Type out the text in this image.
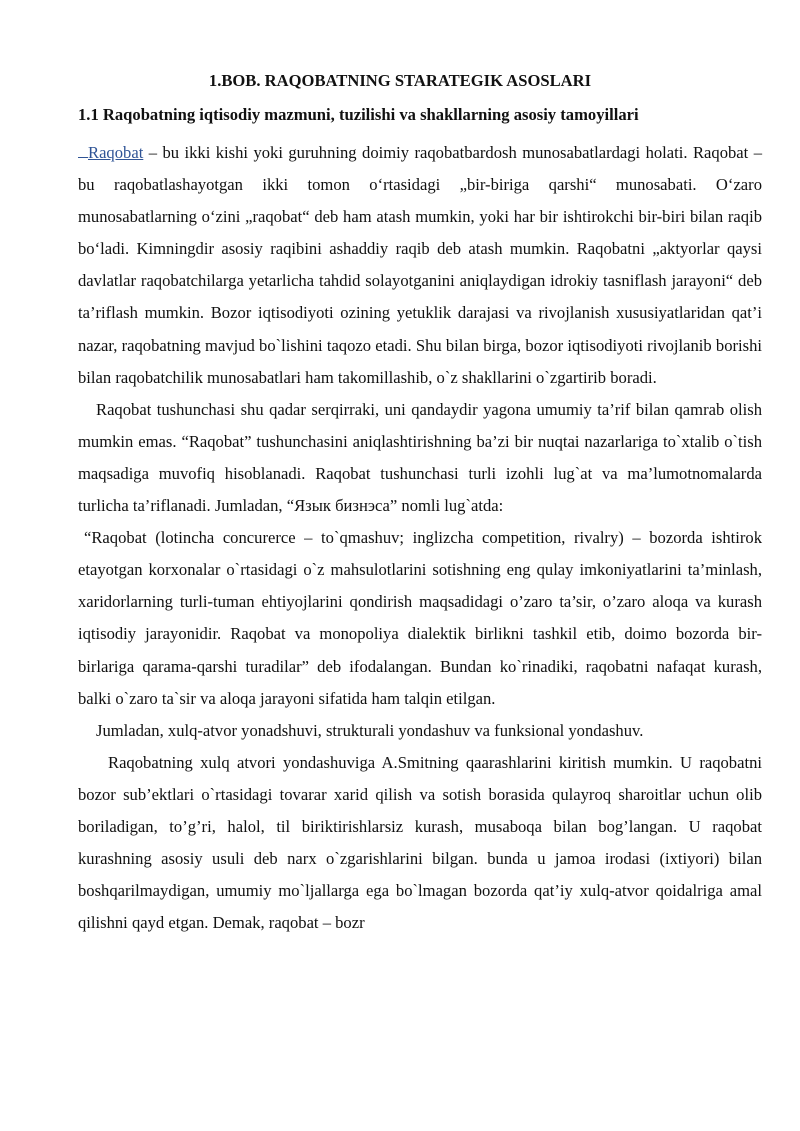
1.BOB. RAQOBATNING STARATEGIK ASOSLARI
1.1 Raqobatning iqtisodiy mazmuni, tuzilishi va shakllarning asosiy tamoyillari

Raqobat – bu ikki kishi yoki guruhning doimiy raqobatbardosh munosabatlardagi holati. Raqobat – bu raqobatlashayotgan ikki tomon o‘rtasidagi „bir-biriga qarshi“ munosabati. O‘zaro munosabatlarning o‘zini „raqobat“ deb ham atash mumkin, yoki har bir ishtirokchi bir-biri bilan raqib bo‘ladi. Kimningdir asosiy raqibini ashaddiy raqib deb atash mumkin. Raqobatni „aktyorlar qaysi davlatlar raqobatchilarga yetarlicha tahdid solayotganini aniqlaydigan idrokiy tasniflash jarayoni“ deb ta’riflash mumkin. Bozor iqtisodiyoti ozining yetuklik darajasi va rivojlanish xususiyatlaridan qat’i nazar, raqobatning mavjud bo`lishini taqozo etadi. Shu bilan birga, bozor iqtisodiyoti rivojlanib borishi bilan raqobatchilik munosabatlari ham takomillashib, o`z shakllarini o`zgartirib boradi.

Raqobat tushunchasi shu qadar serqirraki, uni qandaydir yagona umumiy ta’rif bilan qamrab olish mumkin emas. “Raqobat” tushunchasini aniqlashtirishning ba’zi bir nuqtai nazarlariga to`xtalib o`tish maqsadiga muvofiq hisoblanadi. Raqobat tushunchasi turli izohli lug`at va ma’lumotnomalarda turlicha ta’riflanadi. Jumladan, “Язык бизнэса” nomli lug`atda:

“Raqobat (lotincha concurerce – to`qmashuv; inglizcha competition, rivalry) – bozorda ishtirok etayotgan korxonalar o`rtasidagi o`z mahsulotlarini sotishning eng qulay imkoniyatlarini ta’minlash, xaridorlarning turli-tuman ehtiyojlarini qondirish maqsadidagi o’zaro ta’sir, o’zaro aloqa va kurash iqtisodiy jarayonidir. Raqobat va monopoliya dialektik birlikni tashkil etib, doimo bozorda bir-birlariga qarama-qarshi turadilar” deb ifodalangan. Bundan ko`rinadiki, raqobatni nafaqat kurash, balki o`zaro ta`sir va aloqa jarayoni sifatida ham talqin etilgan.

Jumladan, xulq-atvor yonadshuvi, strukturali yondashuv va funksional yondashuv.

Raqobatning xulq atvori yondashuviga A.Smitning qaarashlarini kiritish mumkin. U raqobatni bozor sub’ektlari o`rtasidagi tovarar xarid qilish va sotish borasida qulayroq sharoitlar uchun olib boriladigan, to’g’ri, halol, til biriktirishlarsiz kurash, musaboqa bilan bog’langan. U raqobat kurashning asosiy usuli deb narx o`zgarishlarini bilgan. bunda u jamoa irodasi (ixtiyori) bilan boshqarilmaydigan, umumiy mo`ljallarga ega bo`lmagan bozorda qat’iy xulq-atvor qoidalriga amal qilishni qayd etgan. Demak, raqobat – bozr
